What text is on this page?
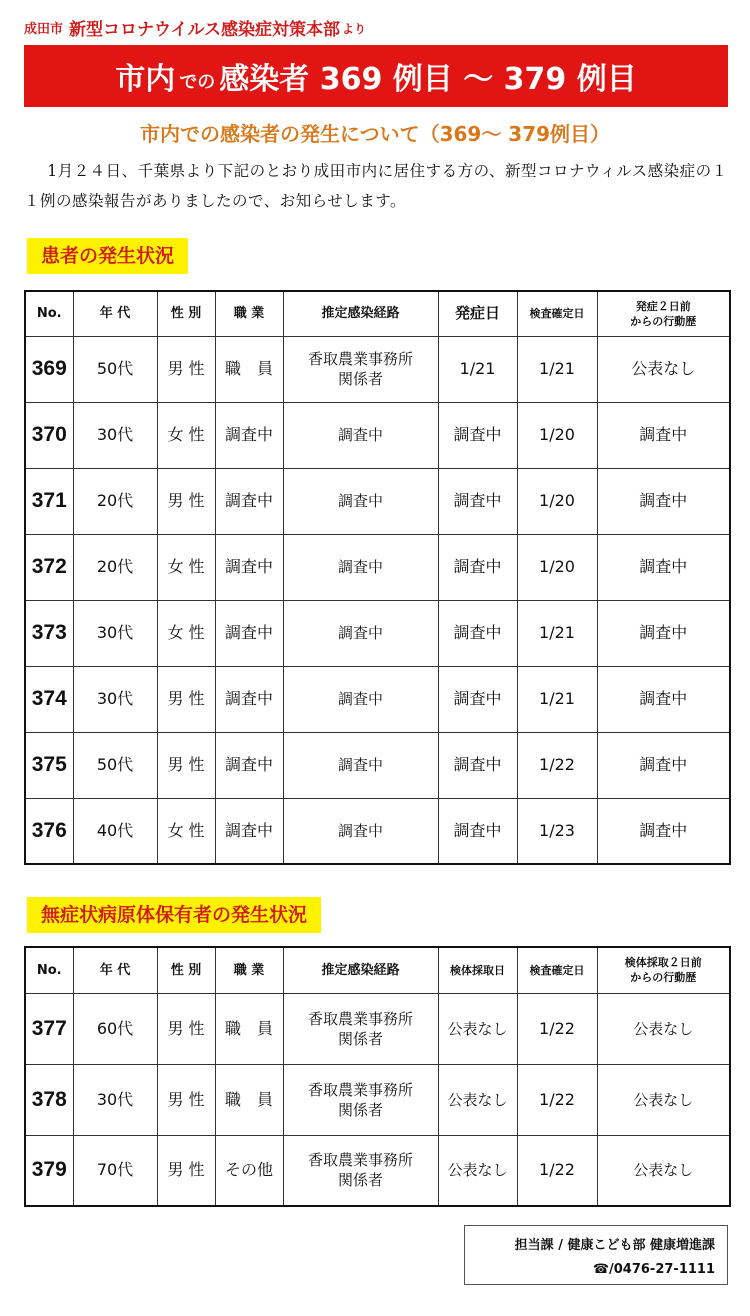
成田市 新型コロナウイルス感染症対策本部 より
市内 での 感染者 369 例目 ～ 379 例目
市内での感染者の発生について（369～ 379例目）
1月２４日、千葉県より下記のとおり成田市内に居住する方の、新型コロナウィルス感染症の１１例の感染報告がありましたので、お知らせします。
患者の発生状況
No.	年 代	性 別	職 業	推定感染経路	発症日	検査確定日	発症２日前
からの行動歴

369	50代	男 性	職　員	香取農業事務所
関係者	1/21	1/21	公表なし
370	30代	女 性	調査中	調査中	調査中	1/20	調査中
371	20代	男 性	調査中	調査中	調査中	1/20	調査中
372	20代	女 性	調査中	調査中	調査中	1/20	調査中
373	30代	女 性	調査中	調査中	調査中	1/21	調査中
374	30代	男 性	調査中	調査中	調査中	1/21	調査中
375	50代	男 性	調査中	調査中	調査中	1/22	調査中
376	40代	女 性	調査中	調査中	調査中	1/23	調査中
無症状病原体保有者の発生状況
No.	年 代	性 別	職 業	推定感染経路	検体採取日	検査確定日	検体採取２日前
からの行動歴

377	60代	男 性	職　員	香取農業事務所
関係者	公表なし	1/22	公表なし
378	30代	男 性	職　員	香取農業事務所
関係者	公表なし	1/22	公表なし
379	70代	男 性	その他	香取農業事務所
関係者	公表なし	1/22	公表なし
担当課 / 健康こども部 健康増進課
☎/0476-27-1111
